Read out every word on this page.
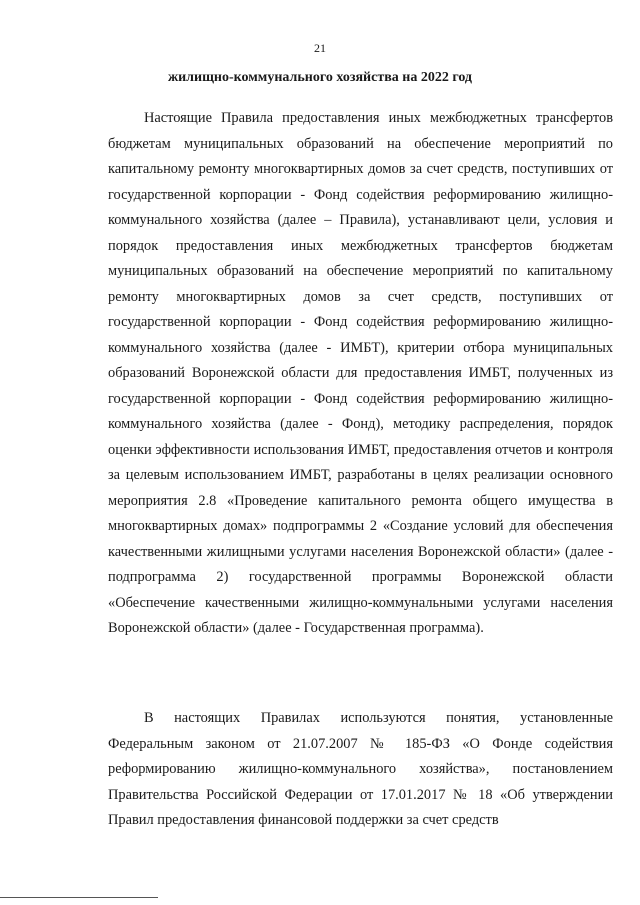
21
жилищно-коммунального хозяйства на 2022 год

Настоящие Правила предоставления иных межбюджетных трансфертов бюджетам муниципальных образований на обеспечение мероприятий по капитальному ремонту многоквартирных домов за счет средств, поступивших от государственной корпорации - Фонд содействия реформированию жилищно-коммунального хозяйства (далее – Правила), устанавливают цели, условия и порядок предоставления иных межбюджетных трансфертов бюджетам муниципальных образований на обеспечение мероприятий по капитальному ремонту многоквартирных домов за счет средств, поступивших от государственной корпорации - Фонд содействия реформированию жилищно-коммунального хозяйства (далее - ИМБТ), критерии отбора муниципальных образований Воронежской области для предоставления ИМБТ, полученных из государственной корпорации - Фонд содействия реформированию жилищно-коммунального хозяйства (далее - Фонд), методику распределения, порядок оценки эффективности использования ИМБТ, предоставления отчетов и контроля за целевым использованием ИМБТ, разработаны в целях реализации основного мероприятия 2.8 «Проведение капитального ремонта общего имущества в многоквартирных домах» подпрограммы 2 «Создание условий для обеспечения качественными жилищными услугами населения Воронежской области» (далее - подпрограмма 2) государственной программы Воронежской области «Обеспечение качественными жилищно-коммунальными услугами населения Воронежской области» (далее - Государственная программа).

В настоящих Правилах используются понятия, установленные Федеральным законом от 21.07.2007 № 185-ФЗ «О Фонде содействия реформированию жилищно-коммунального хозяйства», постановлением Правительства Российской Федерации от 17.01.2017 № 18 «Об утверждении Правил предоставления финансовой поддержки за счет средств
